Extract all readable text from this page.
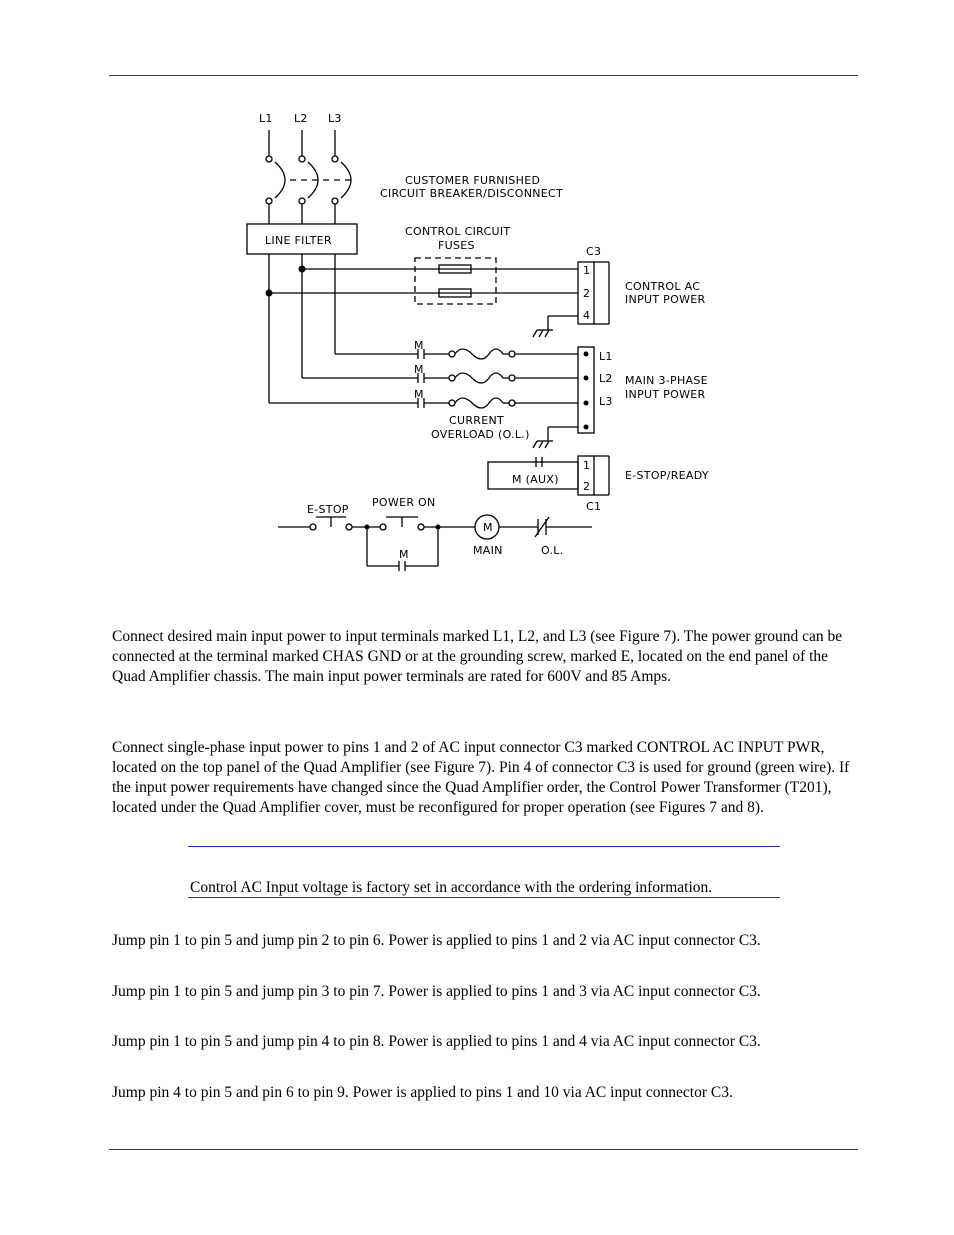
L1 L2 L3
CUSTOMER FURNISHED
CIRCUIT BREAKER/DISCONNECT
LINE FILTER
CONTROL CIRCUIT
FUSES	C3
1
2
4
CONTROL AC
INPUT POWER
M
M
M
L1
L2
L3
MAIN 3-PHASE
INPUT POWER
CURRENT
OVERLOAD (O.L.)
M (AUX)
1
2
E-STOP/READY
C1
E-STOP
POWER ON
M
M
MAIN	O.L.

Connect desired main input power to input terminals marked L1, L2, and L3 (see Figure 7). The power ground can be connected at the terminal marked CHAS GND or at the grounding screw, marked E, located on the end panel of the Quad Amplifier chassis. The main input power terminals are rated for 600V and 85 Amps.

Connect single-phase input power to pins 1 and 2 of AC input connector C3 marked CONTROL AC INPUT PWR, located on the top panel of the Quad Amplifier (see Figure 7). Pin 4 of connector C3 is used for ground (green wire). If the input power requirements have changed since the Quad Amplifier order, the Control Power Transformer (T201), located under the Quad Amplifier cover, must be reconfigured for proper operation (see Figures 7 and 8).

Control AC Input voltage is factory set in accordance with the ordering information.

Jump pin 1 to pin 5 and jump pin 2 to pin 6. Power is applied to pins 1 and 2 via AC input connector C3.

Jump pin 1 to pin 5 and jump pin 3 to pin 7. Power is applied to pins 1 and 3 via AC input connector C3.

Jump pin 1 to pin 5 and jump pin 4 to pin 8. Power is applied to pins 1 and 4 via AC input connector C3.

Jump pin 4 to pin 5 and pin 6 to pin 9. Power is applied to pins 1 and 10 via AC input connector C3.
